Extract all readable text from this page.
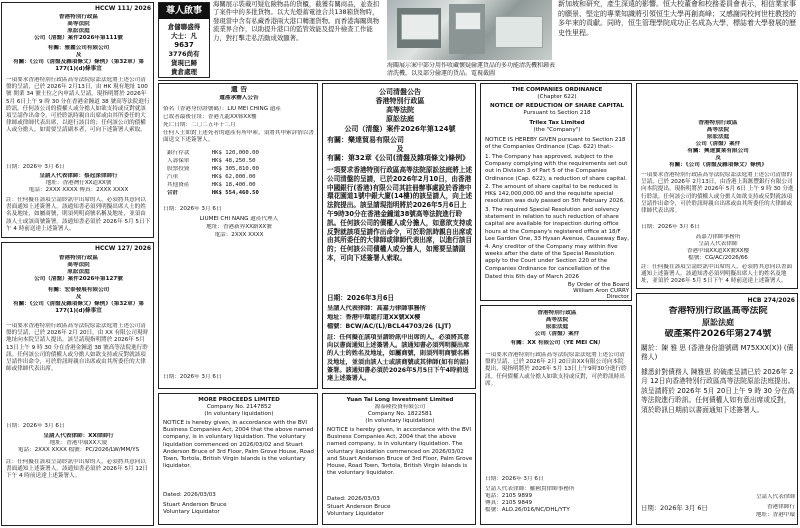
HCCW 111/ 2026
香港特別行政區
高等法院
原訟法庭
公司（清盤）案件2026年第111號
有關：雅麗公司有限公司
及
有關：《公司（清盤及雜項條文）條例》（第32章）第177(1)(d)條事宜
一項要求香港特別行政區高等法院原訟法庭將上述公司清盤的呈請，已於 2026年 2月13日，由 HK 現有地址 100 號 開業 34 號士位之內申請人呈請，現指明將於 2026年 5月 6日上午 9 時 30 分在香港金鐘道 38 號高等法院進行聆訊。任何該公司的債權人或分擔人如欲支持或反對就該項呈請作出命令，可於聆訊時親自出席或由其所委任的大律師或律師代表出席，以進行該目的；任何該公司的債權人或分擔人，如需要呈請副本者，可向下述簽署人索取。
日期：2026年 3月 6日
呈請人代表律師：蔡冠深律師行
地址：香港灣仔XX道XX號
電話：2XXX XXXX 傳真：2XXX XXXX
註：任何擬在該項呈請聆訊中出席的人，必須將其意向以書面通知上述簽署人。該通知書必須列明擬出席人士的姓名及地址，如屬商號，則須列明商號名稱及地址，並須由該人士或該商號簽署。該通知書必須於 2026年 5月 5日下午 4 時前送達上述簽署人。
HCCW 127/ 2026
香港特別行政區
高等法院
原訟法庭
公司（清盤）案件2026年第127號
有關：宏泰發展有限公司
及
有關：《公司（清盤及雜項條文）條例》（第32章）第177(1)(d)條事宜
一項要求香港特別行政區高等法院原訟法庭將上述公司清盤的呈請，已於 2026年 2月 20日，由 XX 有限公司現時地址向本院呈請人提出。該呈請現指明將於 2026年 5月 13日上午 9 時 30 分在香港金鐘道 38 號高等法院進行聆訊。任何該公司的債權人或分擔人如欲支持或反對就該項呈請作出命令，可於聆訊時親自出席或由其所委任的大律師或律師代表出席。
日期：2026年 3月 6日
呈請人代表律師：XX律師行
地址：香港中環XX大廈
電話：2XXX XXXX 檔號：PC/2026/LW/MM/YS
註：任何擬在該項呈請聆訊中出席的人，必須將其意向以書面通知上述簽署人。該通知書必須於 2026年 5月 12日下午 4 時前送達上述簽署人。
尊人啟事
倉儲聯盛得
大士：凡
9637
3776尚有
貨現已歸
貴倉處理
海關展示裝載可疑危險物品的貨櫃，截獲有關商品，並查扣了案件中的多批貨物。以大光燈蓄電池合共138箱貨物時，發現當中含有私藏香港兩大港口轉運貨物。而香港海關與物流業界合作，以助提升港口的監管效能及提升檢查工作能力，對打擊走私活動成效顯著。
海關展示案中部分用作收藏懷疑偷運貨品的多功能清洗機和鐘表清洗機，以及部分偷運的貨品。電視截圖
新加坡和研究，產生深遠的影響。恒大校董會和校務委員會表示，相信業家事的願景、堅定的專業知識將引領恒生大學再創高峰；又感謝同校何世柱教授的多年來的貢獻。同時，恒生管理學院成功正名成為大學，標誌着大學發展的歷史性里程。
遺 告
遺產承辦人公告
俗名（香港身份證號碼）：LIU MEI CHING 遺產
已故者最後住址：香港九龍XX邨XX樓
死亡日期：二〇二五年十二月
任何人士如對上述死者的遺產有所申索，須將其申索詳情以書面送交下述簽署人。
銀行存款　　　　HK$ 120,000.00
人壽保單　　　　HK$ 48,250.50
股票投資　　　　HK$ 305,810.00
汽車　　　　　　HK$ 62,000.00
其他資產　　　　HK$ 18,400.00
合計　　　　　　HK$ 554,460.50
日期：2026年 3月 6日
LIUMEI CHI NANG 遺產代理人
地址：香港新界XX路XX號
電話：2XXX XXXX
日期：2026年 3月 6日
公司清盤公告
香港特別行政區
高等法院
原訟法庭
公司（清盤）案件2026年第124號
有關：樂達貿易有限公司
及
有關：第32章《公司(清盤及雜項條文)條例》
一項要求香港特別行政區高等法院原訟法庭將上述公司清盤的呈請，已於2026年2月10日，由香港中國銀行(香港)有限公司其註冊辦事處設於香港中環花園道1號中銀大廈(14樓)的該呈請人，向上述法院提出。該呈請現指明將於2026年5月6日上午9時30分在香港金鐘道38號高等法院進行聆訊。任何該公司的債權人或分擔人，如意欲支持或反對就該項呈請作出命令，可於聆訊時親自出席或由其所委任的大律師或律師代表出席，以進行該目的；任何該公司債權人或分擔人，如需要呈請副本，可向下述簽署人索取。
日期：2026年3月6日
呈請人代表律師：高嘉力律師事務所
地址：香港中環遮打道XX號XX樓
檔號：BCW/AC/(L)/BCL44703/26 (LJT)
註：任何擬在該項呈請聆訊中出席的人，必須將其意向以書面通知上述簽署人。該通知書必須列明擬出席的人士的姓名及地址，如屬商號，則須列明商號名稱及地址，並須由該人士或該商號或其律師(如有的話)簽署。該通知書必須於2026年5月5日下午4時前送達上述簽署人。
THE COMPANIES ORDINANCE
(Chapter 622)
NOTICE OF REDUCTION OF SHARE CAPITAL
Pursuant to Section 218
Trilex Tax Limited
(the "Company")
NOTICE IS HEREBY GIVEN pursuant to Section 218 of the Companies Ordinance (Cap. 622) that:-
1. The Company has approved, subject to the Company complying with the requirements set out out in Division 3 of Part 5 of the Companies Ordinance (Cap. 622), a reduction of share capital.
2. The amount of share capital to be reduced is HK$ 142,000,000.00 and the requisite special resolution was duly passed on 5th February 2026.
3. The required Special Resolution and solvency statement in relation to such reduction of share capital are available for inspection during office hours at the Company's registered office at 18/F Lee Garden One, 33 Hysan Avenue, Causeway Bay,
4. Any creditor of the Company may within five weeks after the date of the Special Resolution apply to the Court under Section 220 of the Companies Ordinance for cancellation of the
Dated this 6th day of March 2026
By Order of the Board
William Aron CURRY
Director
香港特別行政區
高等法院
原訟法庭
公司（清盤）案件
有關：興達實業有限公司
及
有關：《公司（清盤及雜項條文）條例》
一項要求香港特別行政區高等法院原訟法庭將上述公司清盤的呈請，已於 2026年 2月13日，由香港上海滙豐銀行有限公司向本院提出，現指明將於 2026年 5月 6日 上午 9 時 30 分進行聆訊。任何該公司的債權人或分擔人如欲支持或反對就該項呈請作出命令，可於聆訊時親自出席或由其所委任的大律師或律師代表出席。
日期：2026年 3月 6日
高嘉力律師事務所
呈請人代表律師
香港中環XX道XX號XX樓
檔號：CG/AC/2026/66
註：任何擬在該項呈請聆訊中出席的人，必須將其意向以書面通知上述簽署人。該通知書必須列明擬出席人士的姓名及地址，並須於 2026年 5月 5日下午 4 時前送達上述簽署人。
香港特別行政區
高等法院
原訟法庭
公司（清盤）案件
有關：XX 有限公司（YE MEI CN）
一項要求香港特別行政區高等法院原訟法庭將上述公司清盤的呈請，已於 2026年 2月 20日由XX有限公司向本院提出，現指明將於 2026年 5月 13日上午9時30分進行聆訊。任何債權人或分擔人如欲支持或反對，可於聆訊時出席。
日期：2026年 3月 6日
呈請人代表律師：羅國貴律師事務所
電話：2105 9899
傳真：2105 9849
檔號：ALO.26/016/NC/DHL/YTY
HCB 274/2026
香港特別行政區高等法院
原訟法庭
破產案件2026年第274號
關於：陳 雅 思 (香港身份證號碼 M75XXX(X)) (債務人)
據悉針對債務人 陳雅思 的破產呈請已於 2026年 2月 12日向香港特別行政區高等法院原訟法庭提出。該呈請將於 2026年 5月 20日上午 9 時 30 分在高等法院進行聆訊。任何債權人如有意出席或反對，須於聆訊日期前以書面通知下述簽署人。
日期：2026年 3月 6日
呈請人代表律師
香港律師行
地址：香港中環
MORE PROCEEDS LIMITED
Company No. 2147852
(In voluntary liquidation)
NOTICE is hereby given, in accordance with the BVI Business Companies Act, 2004 that the above named company, is in voluntary liquidation. The voluntary liquidation commenced on 2026/03/02 and Stuart Anderson Bruce of 3rd Floor, Palm Grove House, Road Town, Tortola, British Virgin Islands is the voluntary liquidator.
Dated: 2026/03/03
Stuart Anderson Bruce
Voluntary Liquidator
Yuan Tai Long Investment Limited
源泰隆投資有限公司
Company No. 1822581
(In voluntary liquidation)
NOTICE is hereby given, in accordance with the BVI Business Companies Act, 2004 that the above named company, is in voluntary liquidation. The voluntary liquidation commenced on 2026/03/02 and Stuart Anderson Bruce of 3rd Floor, Palm Grove House, Road Town, Tortola, British Virgin Islands is the voluntary liquidator.
Dated: 2026/03/03
Stuart Anderson Bruce
Voluntary Liquidator
